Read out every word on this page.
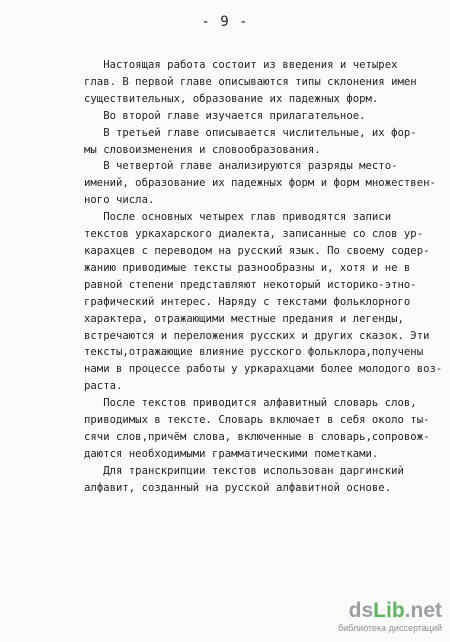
- 9 -
Настоящая работа состоит из введения и четырех
глав. В первой главе описываются типы склонения имен
существительных, образование их падежных форм.
Во второй главе изучается прилагательное.
В третьей главе описывается числительные, их фор-
мы словоизменения и словообразования.
В четвертой главе анализируются разряды место-
имений, образование их падежных форм и форм множествен-
ного числа.
После основных четырех глав приводятся записи
текстов уркахарского диалекта, записанные со слов ур-
карахцев с переводом на русский язык. По своему содер-
жанию приводимые тексты разнообразны и, хотя и не в
равной степени представляют некоторый историко-этно-
графический интерес. Наряду с текстами фольклорного
характера, отражающими местные предания и легенды,
встречаются и переложения русских и других сказок. Эти
тексты,отражающие влияние русского фольклора,получены
нами в процессе работы у уркарахцами более молодого воз-
раста.
После текстов приводится алфавитный словарь слов,
приводимых в тексте. Словарь включает в себя около ты-
сячи слов,причём слова, включенные в словарь,сопровож-
даются необходимыми грамматическими пометками.
Для транскрипции текстов использован даргинский
алфавит, созданный на русской алфавитной основе.
dsLib.net
библиотека диссертаций
